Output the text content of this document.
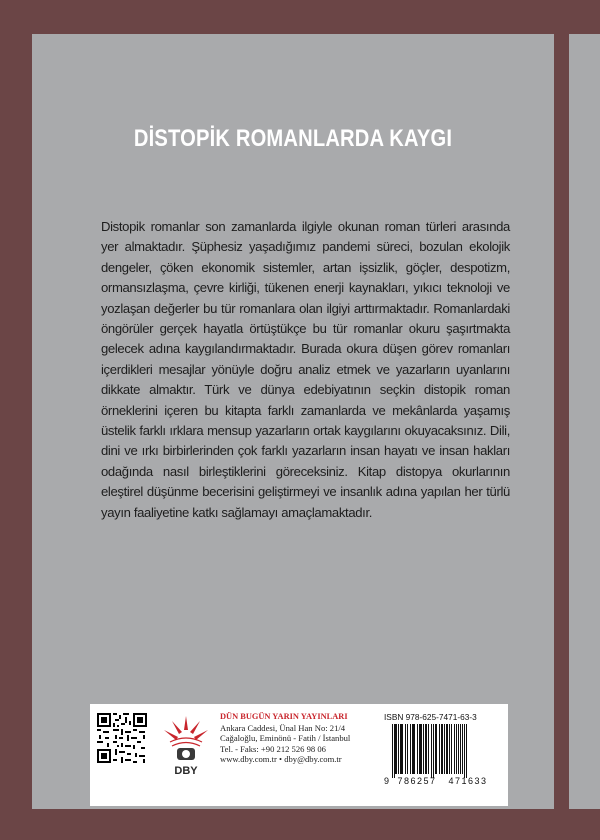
DİSTOPİK ROMANLARDA KAYGI

Distopik romanlar son zamanlarda ilgiyle okunan roman türleri arasında yer almaktadır. Şüphesiz yaşadığımız pandemi süreci, bozulan ekolojik dengeler, çöken ekonomik sistemler, artan işsizlik, göçler, despotizm, ormansızlaşma, çevre kirliği, tükenen enerji kaynakları, yıkıcı teknoloji ve yozlaşan değerler bu tür romanlara olan ilgiyi arttırmaktadır. Romanlardaki öngörüler gerçek hayatla örtüştükçe bu tür romanlar okuru şaşırtmakta gelecek adına kaygılandırmaktadır. Burada okura düşen görev romanları içerdikleri mesajlar yönüyle doğru analiz etmek ve yazarların uyanlarını dikkate almaktır. Türk ve dünya edebiyatının seçkin distopik roman örneklerini içeren bu kitapta farklı zamanlarda ve mekânlarda yaşamış üstelik farklı ırklara mensup yazarların ortak kaygılarını okuyacaksınız. Dili, dini ve ırkı birbirlerinden çok farklı yazarların insan hayatı ve insan hakları odağında nasıl birleştiklerini göreceksiniz. Kitap distopya okurlarının eleştirel düşünme becerisini geliştirmeyi ve insanlık adına yapılan her türlü yayın faaliyetine katkı sağlamayı amaçlamaktadır.

DBY
DÜN BUGÜN YARIN YAYINLARI
Ankara Caddesi, Ünal Han No: 21/4
Cağaloğlu, Eminönü - Fatih / İstanbul
Tel. - Faks: +90 212 526 98 06
www.dby.com.tr • dby@dby.com.tr
ISBN 978-625-7471-63-3
9 786257 471633
